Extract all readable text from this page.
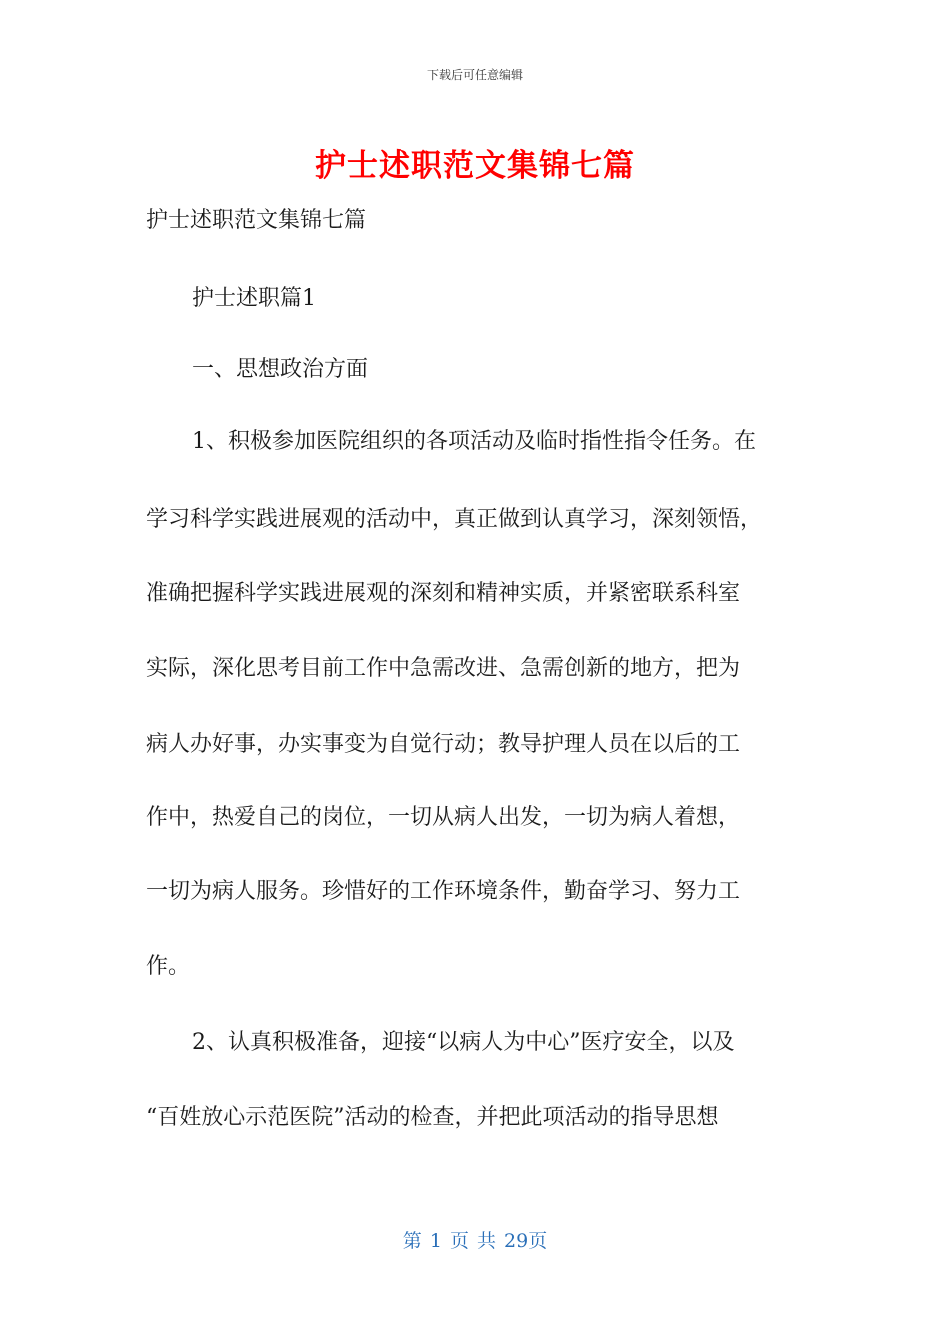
下载后可任意编辑
护士述职范文集锦七篇
护士述职范文集锦七篇
护士述职篇1
一、思想政治方面
1、积极参加医院组织的各项活动及临时指性指令任务。在
学习科学实践进展观的活动中，真正做到认真学习，深刻领悟，
准确把握科学实践进展观的深刻和精神实质，并紧密联系科室
实际，深化思考目前工作中急需改进、急需创新的地方，把为
病人办好事，办实事变为自觉行动；教导护理人员在以后的工
作中，热爱自己的岗位，一切从病人出发，一切为病人着想，
一切为病人服务。珍惜好的工作环境条件，勤奋学习、努力工
作。
2、认真积极准备，迎接“以病人为中心”医疗安全，以及
“百姓放心示范医院”活动的检查，并把此项活动的指导思想
第 1 页 共 29页
